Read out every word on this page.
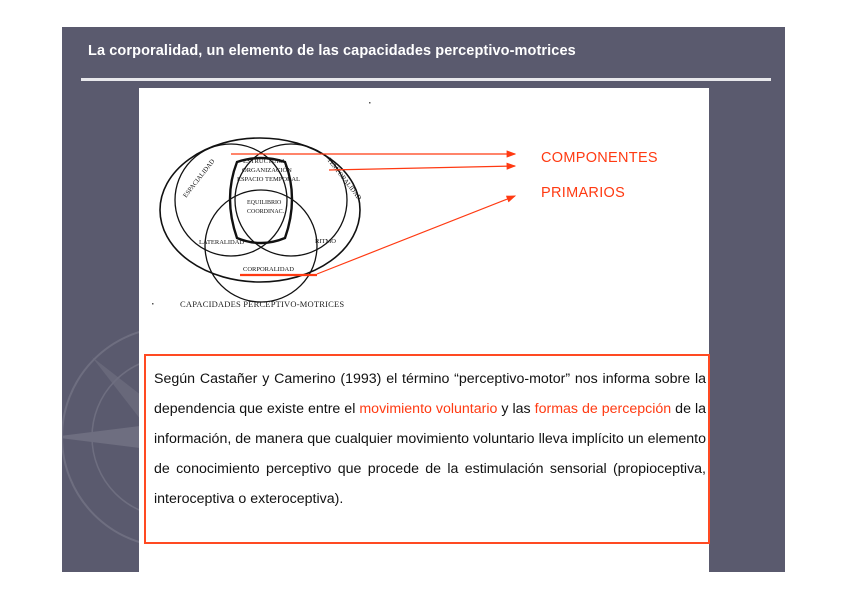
La corporalidad, un elemento de las capacidades perceptivo-motrices
ESPACIALIDAD	TEMPORALIDAD
ESTRUCTURA
ORGANIZACIÓN
ESPACIO TEMPORAL
EQUILIBRIO
COORDINAC.
LATERALIDAD	RITMO
CORPORALIDAD
COMPONENTES
PRIMARIOS
CAPACIDADES PERCEPTIVO-MOTRICES

Según Castañer y Camerino (1993) el término “perceptivo-motor” nos informa sobre la dependencia que existe entre el movimiento voluntario y las formas de percepción de la información, de manera que cualquier movimiento voluntario lleva implícito un elemento de conocimiento perceptivo que procede de la estimulación sensorial (propioceptiva, interoceptiva o exteroceptiva).
